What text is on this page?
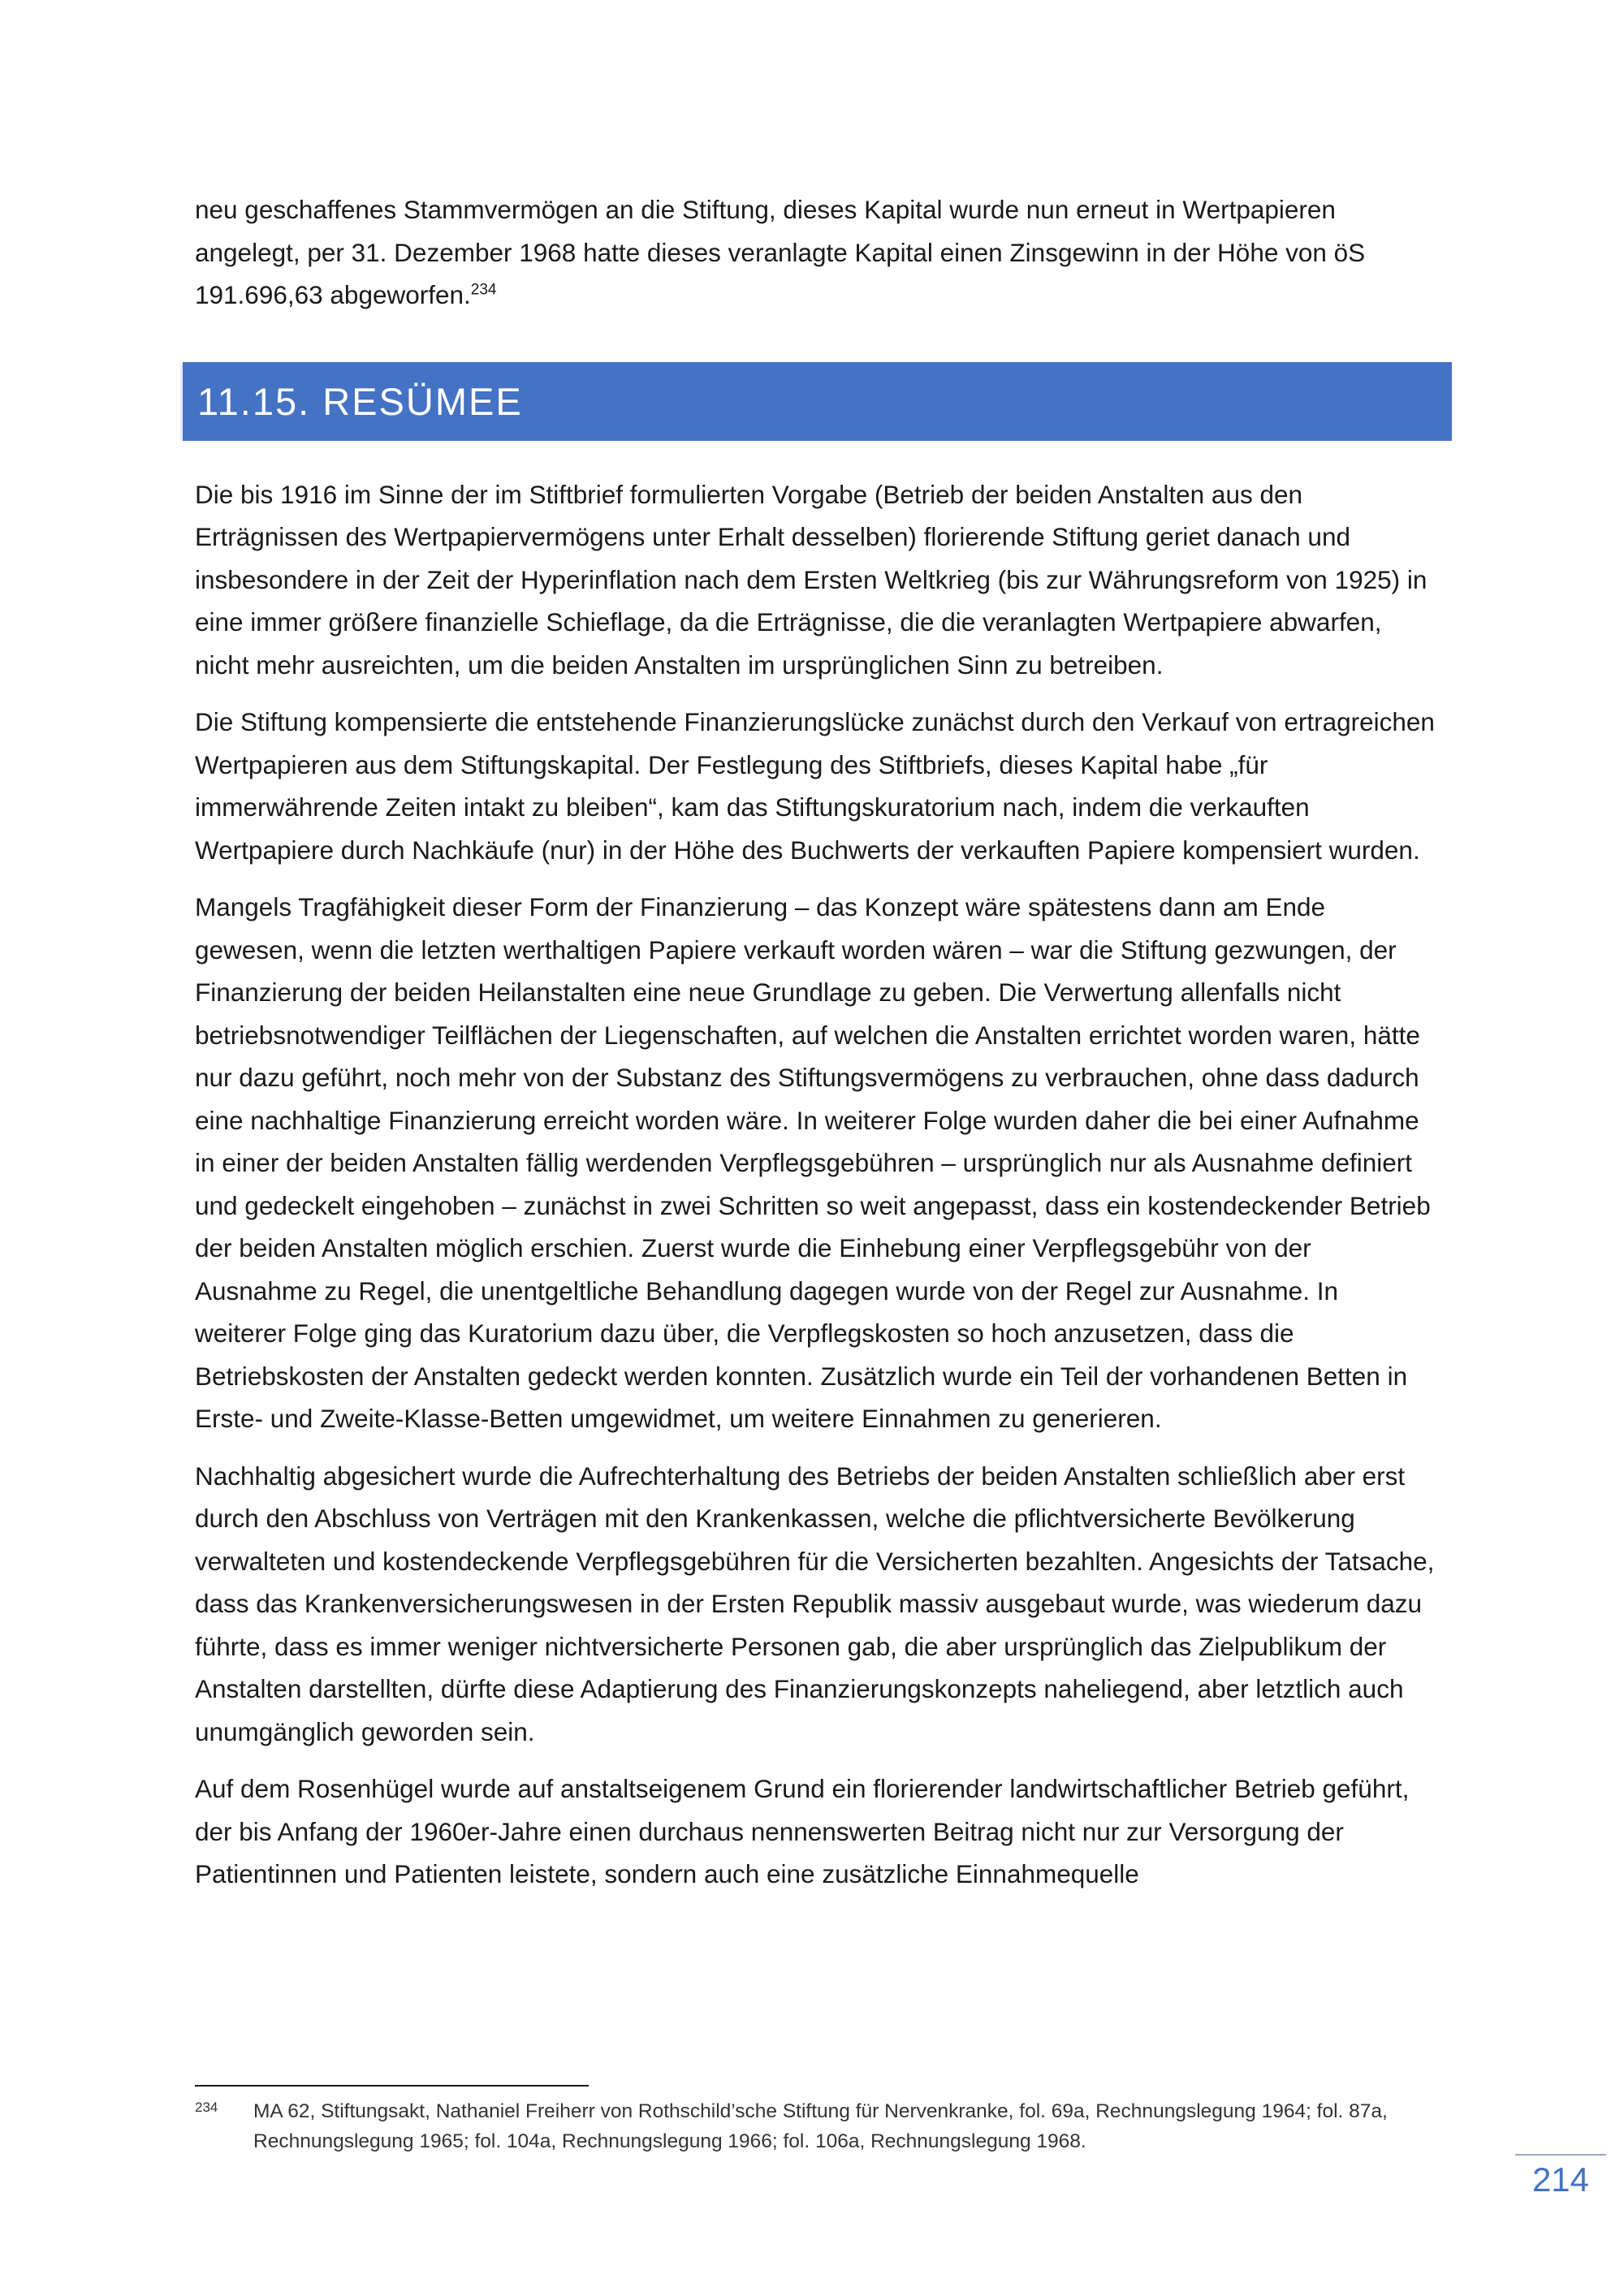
neu geschaffenes Stammvermögen an die Stiftung, dieses Kapital wurde nun erneut in Wertpapieren angelegt, per 31. Dezember 1968 hatte dieses veranlagte Kapital einen Zinsgewinn in der Höhe von öS 191.696,63 abgeworfen.$^{234}$

11.15. RESÜMEE

Die bis 1916 im Sinne der im Stiftbrief formulierten Vorgabe (Betrieb der beiden Anstalten aus den Erträgnissen des Wertpapiervermögens unter Erhalt desselben) florierende Stiftung geriet danach und insbesondere in der Zeit der Hyperinflation nach dem Ersten Weltkrieg (bis zur Währungsreform von 1925) in eine immer größere finanzielle Schieflage, da die Erträgnisse, die die veranlagten Wertpapiere abwarfen, nicht mehr ausreichten, um die beiden Anstalten im ursprünglichen Sinn zu betreiben.

Die Stiftung kompensierte die entstehende Finanzierungslücke zunächst durch den Verkauf von ertragreichen Wertpapieren aus dem Stiftungskapital. Der Festlegung des Stiftbriefs, dieses Kapital habe „für immerwährende Zeiten intakt zu bleiben“, kam das Stiftungskuratorium nach, indem die verkauften Wertpapiere durch Nachkäufe (nur) in der Höhe des Buchwerts der verkauften Papiere kompensiert wurden.

Mangels Tragfähigkeit dieser Form der Finanzierung – das Konzept wäre spätestens dann am Ende gewesen, wenn die letzten werthaltigen Papiere verkauft worden wären – war die Stiftung gezwungen, der Finanzierung der beiden Heilanstalten eine neue Grundlage zu geben. Die Verwertung allenfalls nicht betriebsnotwendiger Teilflächen der Liegenschaften, auf welchen die Anstalten errichtet worden waren, hätte nur dazu geführt, noch mehr von der Substanz des Stiftungsvermögens zu verbrauchen, ohne dass dadurch eine nachhaltige Finanzierung erreicht worden wäre. In weiterer Folge wurden daher die bei einer Aufnahme in einer der beiden Anstalten fällig werdenden Verpflegsgebühren – ursprünglich nur als Ausnahme definiert und gedeckelt eingehoben – zunächst in zwei Schritten so weit angepasst, dass ein kostendeckender Betrieb der beiden Anstalten möglich erschien. Zuerst wurde die Einhebung einer Verpflegsgebühr von der Ausnahme zu Regel, die unentgeltliche Behandlung dagegen wurde von der Regel zur Ausnahme. In weiterer Folge ging das Kuratorium dazu über, die Verpflegskosten so hoch anzusetzen, dass die Betriebskosten der Anstalten gedeckt werden konnten. Zusätzlich wurde ein Teil der vorhandenen Betten in Erste- und Zweite-Klasse-Betten umgewidmet, um weitere Einnahmen zu generieren.

Nachhaltig abgesichert wurde die Aufrechterhaltung des Betriebs der beiden Anstalten schließlich aber erst durch den Abschluss von Verträgen mit den Krankenkassen, welche die pflichtversicherte Bevölkerung verwalteten und kostendeckende Verpflegsgebühren für die Versicherten bezahlten. Angesichts der Tatsache, dass das Krankenversicherungswesen in der Ersten Republik massiv ausgebaut wurde, was wiederum dazu führte, dass es immer weniger nichtversicherte Personen gab, die aber ursprünglich das Zielpublikum der Anstalten darstellten, dürfte diese Adaptierung des Finanzierungskonzepts naheliegend, aber letztlich auch unumgänglich geworden sein.

Auf dem Rosenhügel wurde auf anstaltseigenem Grund ein florierender landwirtschaftlicher Betrieb geführt, der bis Anfang der 1960er-Jahre einen durchaus nennenswerten Beitrag nicht nur zur Versorgung der Patientinnen und Patienten leistete, sondern auch eine zusätzliche Einnahmequelle

234	MA 62, Stiftungsakt, Nathaniel Freiherr von Rothschild’sche Stiftung für Nervenkranke, fol. 69a, Rechnungslegung 1964; fol. 87a, Rechnungslegung 1965; fol. 104a, Rechnungslegung 1966; fol. 106a, Rechnungslegung 1968.
214
